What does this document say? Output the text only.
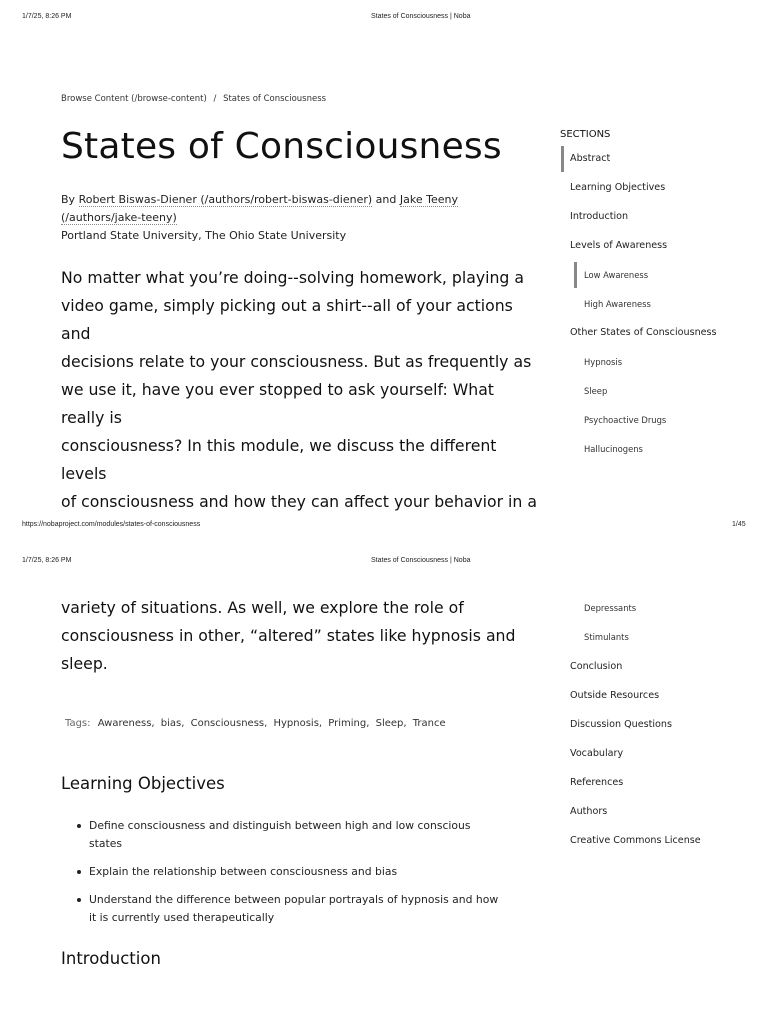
1/7/25, 8:26 PM	States of Consciousness | Noba
Browse Content (/browse-content) / States of Consciousness
States of Consciousness
By Robert Biswas-Diener (/authors/robert-biswas-diener) and Jake Teeny (/authors/jake-teeny)
Portland State University, The Ohio State University
No matter what you’re doing--solving homework, playing a
video game, simply picking out a shirt--all of your actions and
decisions relate to your consciousness. But as frequently as
we use it, have you ever stopped to ask yourself: What really is
consciousness? In this module, we discuss the different levels
of consciousness and how they can affect your behavior in a
SECTIONS
Abstract
Learning Objectives
Introduction
Levels of Awareness
Low Awareness
High Awareness
Other States of Consciousness
Hypnosis
Sleep
Psychoactive Drugs
Hallucinogens
https://nobaproject.com/modules/states-of-consciousness	1/45
1/7/25, 8:26 PM	States of Consciousness | Noba
variety of situations. As well, we explore the role of
consciousness in other, “altered” states like hypnosis and
sleep.
Tags: Awareness, bias, Consciousness, Hypnosis, Priming, Sleep, Trance
Learning Objectives
Define consciousness and distinguish between high and low conscious states
Explain the relationship between consciousness and bias
Understand the difference between popular portrayals of hypnosis and how it is currently used therapeutically
Introduction
Depressants
Stimulants
Conclusion
Outside Resources
Discussion Questions
Vocabulary
References
Authors
Creative Commons License
